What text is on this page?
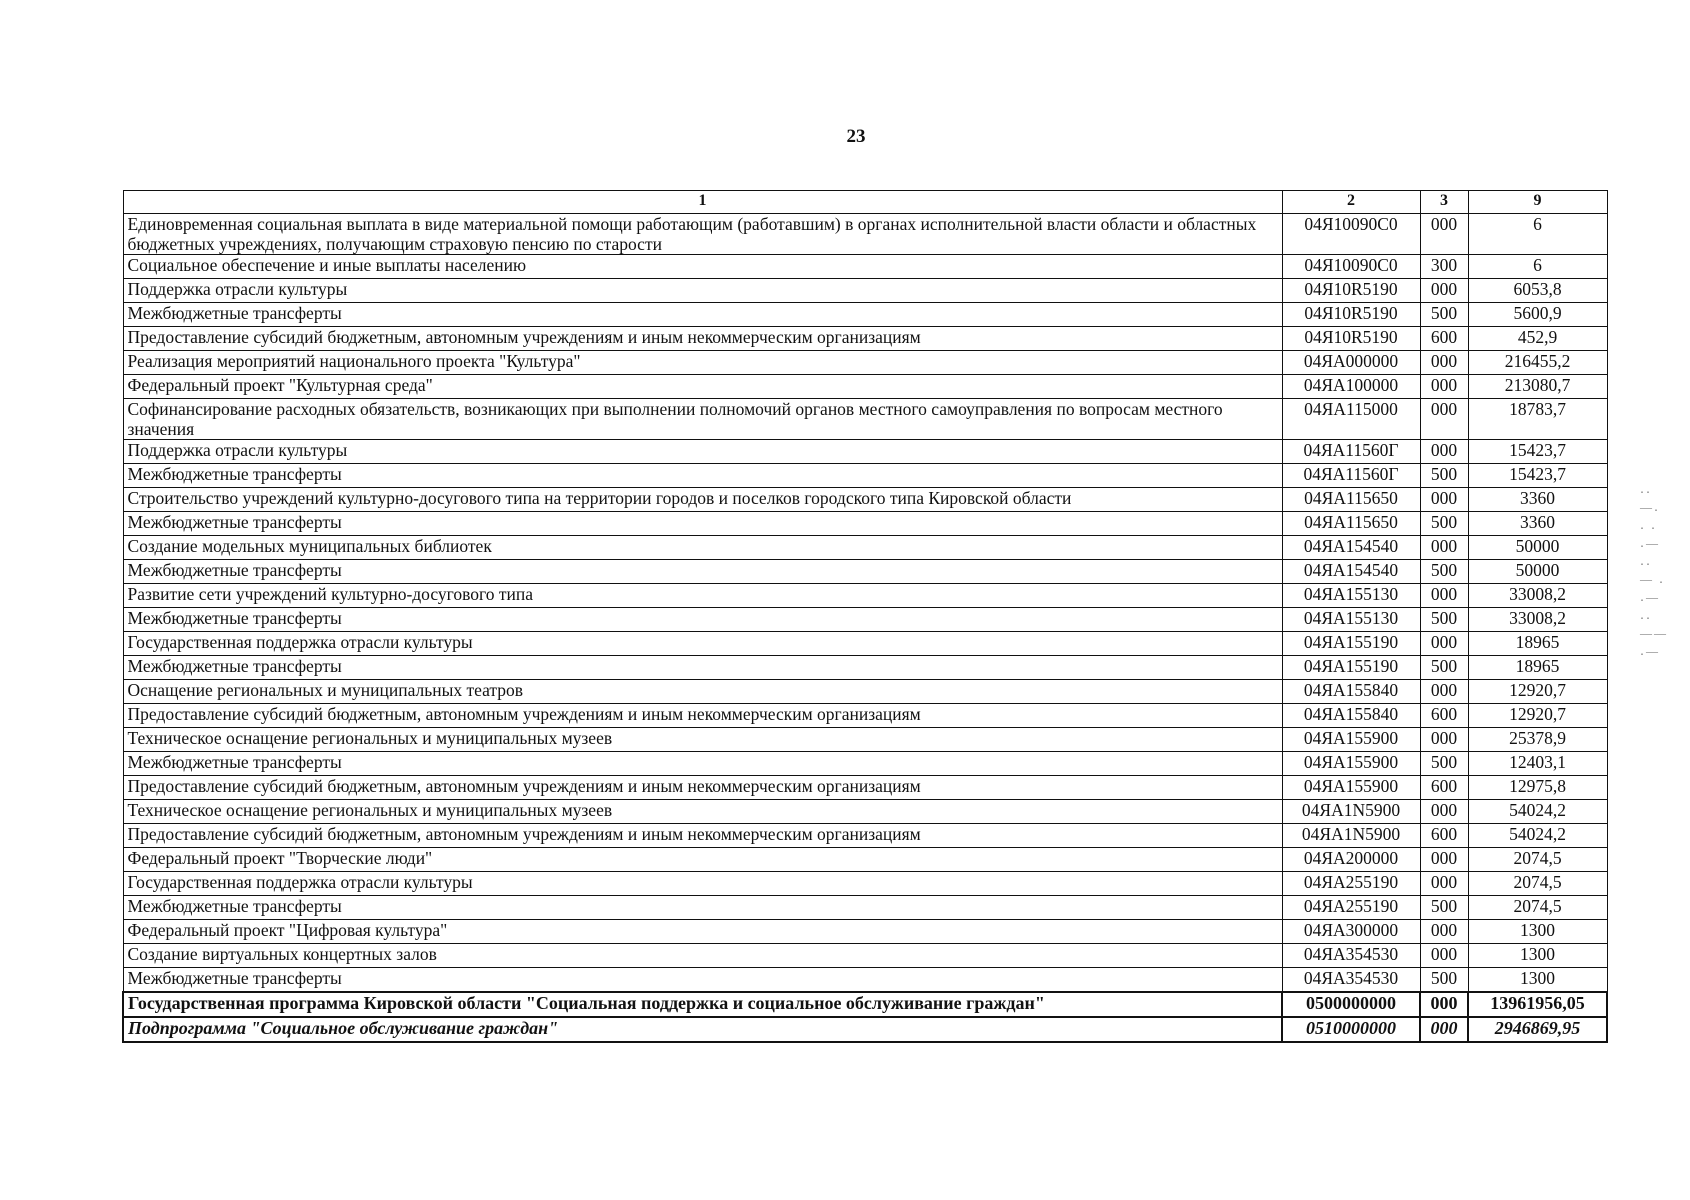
23
1	2	3	9
Единовременная социальная выплата в виде материальной помощи работающим (работавшим) в органах исполнительной власти области и областных бюджетных учреждениях, получающим страховую пенсию по старости	04Я10090С0	000	6
Социальное обеспечение и иные выплаты населению	04Я10090С0	300	6
Поддержка отрасли культуры	04Я10R5190	000	6053,8
Межбюджетные трансферты	04Я10R5190	500	5600,9
Предоставление субсидий бюджетным, автономным учреждениям и иным некоммерческим организациям	04Я10R5190	600	452,9
Реализация мероприятий национального проекта "Культура"	04ЯА000000	000	216455,2
Федеральный проект "Культурная среда"	04ЯА100000	000	213080,7
Софинансирование расходных обязательств, возникающих при выполнении полномочий органов местного самоуправления по вопросам местного значения	04ЯА115000	000	18783,7
Поддержка отрасли культуры	04ЯА11560Г	000	15423,7
Межбюджетные трансферты	04ЯА11560Г	500	15423,7
Строительство учреждений культурно-досугового типа на территории городов и поселков городского типа Кировской области	04ЯА115650	000	3360
Межбюджетные трансферты	04ЯА115650	500	3360
Создание модельных муниципальных библиотек	04ЯА154540	000	50000
Межбюджетные трансферты	04ЯА154540	500	50000
Развитие сети учреждений культурно-досугового типа	04ЯА155130	000	33008,2
Межбюджетные трансферты	04ЯА155130	500	33008,2
Государственная поддержка отрасли культуры	04ЯА155190	000	18965
Межбюджетные трансферты	04ЯА155190	500	18965
Оснащение региональных и муниципальных театров	04ЯА155840	000	12920,7
Предоставление субсидий бюджетным, автономным учреждениям и иным некоммерческим организациям	04ЯА155840	600	12920,7
Техническое оснащение региональных и муниципальных музеев	04ЯА155900	000	25378,9
Межбюджетные трансферты	04ЯА155900	500	12403,1
Предоставление субсидий бюджетным, автономным учреждениям и иным некоммерческим организациям	04ЯА155900	600	12975,8
Техническое оснащение региональных и муниципальных музеев	04ЯА1N5900	000	54024,2
Предоставление субсидий бюджетным, автономным учреждениям и иным некоммерческим организациям	04ЯА1N5900	600	54024,2
Федеральный проект "Творческие люди"	04ЯА200000	000	2074,5
Государственная поддержка отрасли культуры	04ЯА255190	000	2074,5
Межбюджетные трансферты	04ЯА255190	500	2074,5
Федеральный проект "Цифровая культура"	04ЯА300000	000	1300
Создание виртуальных концертных залов	04ЯА354530	000	1300
Межбюджетные трансферты	04ЯА354530	500	1300
Государственная программа Кировской области "Социальная поддержка и социальное обслуживание граждан"	0500000000	000	13961956,05
Подпрограмма "Социальное обслуживание граждан"	0510000000	000	2946869,95
․․
—․
․ ․
․—
․․
— ․
․—
․․
——
․—
